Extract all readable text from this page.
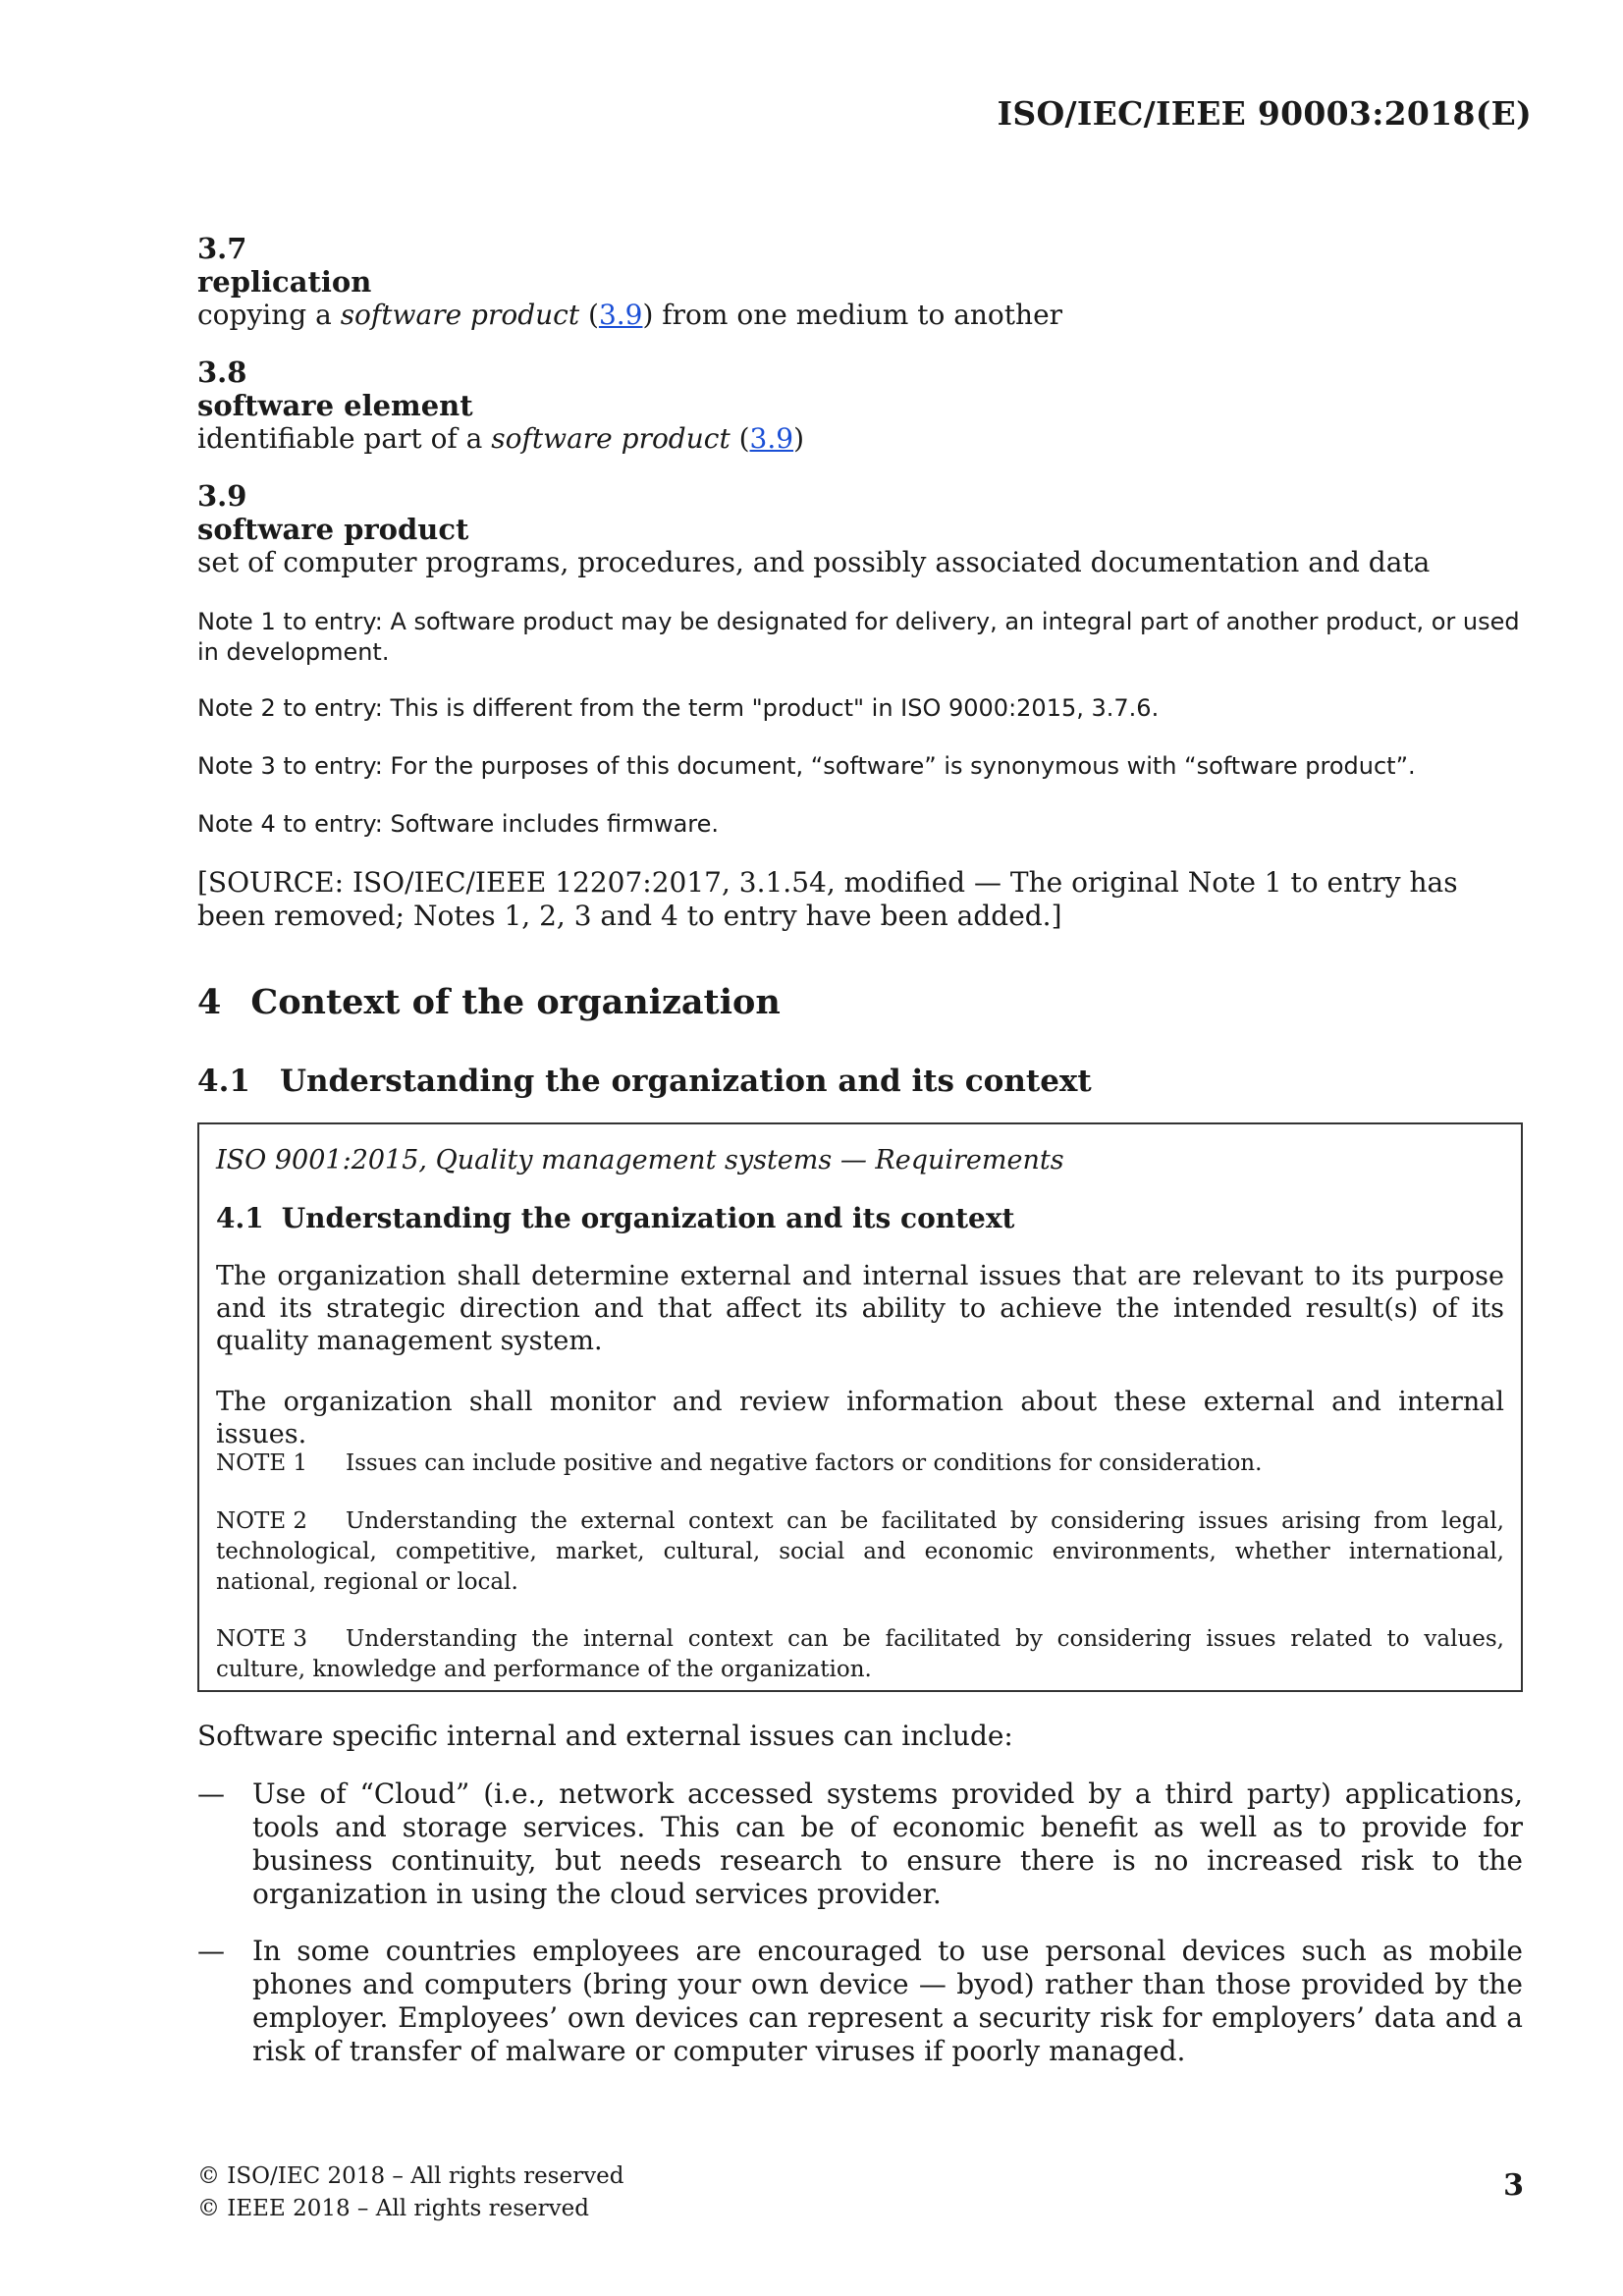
ISO/IEC/IEEE 90003:2018(E)
3.7
replication
copying a software product (3.9) from one medium to another
3.8
software element
identifiable part of a software product (3.9)
3.9
software product
set of computer programs, procedures, and possibly associated documentation and data
Note 1 to entry: A software product may be designated for delivery, an integral part of another product, or used in development.
Note 2 to entry: This is different from the term "product" in ISO 9000:2015, 3.7.6.
Note 3 to entry: For the purposes of this document, “software” is synonymous with “software product”.
Note 4 to entry: Software includes firmware.
[SOURCE: ISO/IEC/IEEE 12207:2017, 3.1.54, modified — The original Note 1 to entry has been removed; Notes 1, 2, 3 and 4 to entry have been added.]
4 Context of the organization
4.1 Understanding the organization and its context
ISO 9001:2015, Quality management systems — Requirements
4.1 Understanding the organization and its context
The organization shall determine external and internal issues that are relevant to its purpose and its strategic direction and that affect its ability to achieve the intended result(s) of its quality management system.
The organization shall monitor and review information about these external and internal issues.
NOTE 1 Issues can include positive and negative factors or conditions for consideration.
NOTE 2 Understanding the external context can be facilitated by considering issues arising from legal, technological, competitive, market, cultural, social and economic environments, whether international, national, regional or local.
NOTE 3 Understanding the internal context can be facilitated by considering issues related to values, culture, knowledge and performance of the organization.
Software specific internal and external issues can include:
— Use of “Cloud” (i.e., network accessed systems provided by a third party) applications, tools and storage services. This can be of economic benefit as well as to provide for business continuity, but needs research to ensure there is no increased risk to the organization in using the cloud services provider.
— In some countries employees are encouraged to use personal devices such as mobile phones and computers (bring your own device — byod) rather than those provided by the employer. Employees’ own devices can represent a security risk for employers’ data and a risk of transfer of malware or computer viruses if poorly managed.
© ISO/IEC 2018 – All rights reserved
© IEEE 2018 – All rights reserved
3
